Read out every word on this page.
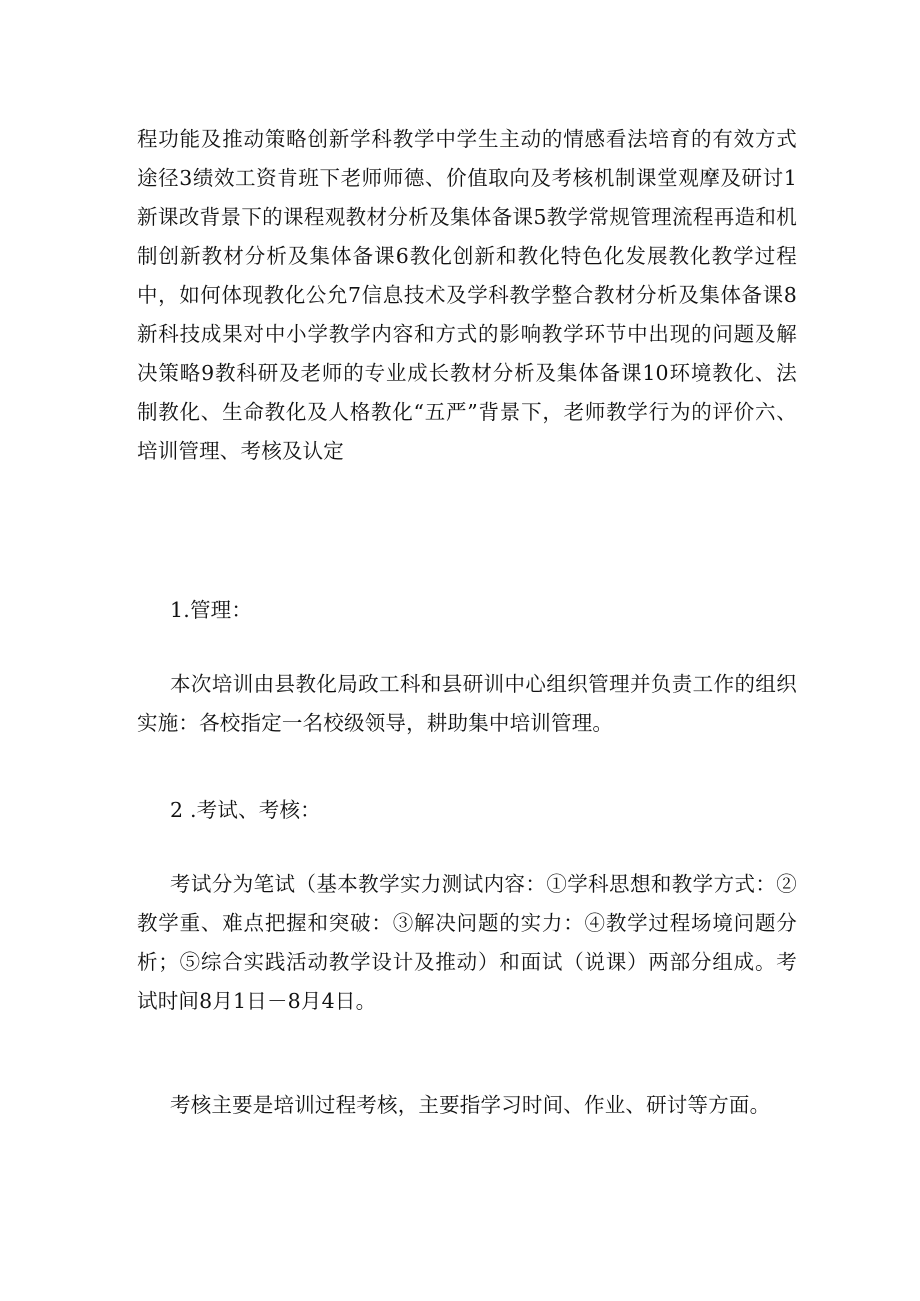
程功能及推动策略创新学科教学中学生主动的情感看法培育的有效方式途径3绩效工资肯班下老师师德、价值取向及考核机制课堂观摩及研讨1新课改背景下的课程观教材分析及集体备课5教学常规管理流程再造和机制创新教材分析及集体备课6教化创新和教化特色化发展教化教学过程中，如何体现教化公允7信息技术及学科教学整合教材分析及集体备课8新科技成果对中小学教学内容和方式的影响教学环节中出现的问题及解决策略9教科研及老师的专业成长教材分析及集体备课10环境教化、法制教化、生命教化及人格教化“五严”背景下，老师教学行为的评价六、培训管理、考核及认定

1.管理：

本次培训由县教化局政工科和县研训中心组织管理并负责工作的组织实施：各校指定一名校级领导，耕助集中培训管理。

2 .考试、考核：

考试分为笔试（基本教学实力测试内容：①学科思想和教学方式：②教学重、难点把握和突破：③解决问题的实力：④教学过程场境问题分析；⑤综合实践活动教学设计及推动）和面试（说课）两部分组成。考试时间8月1日－8月4日。

考核主要是培训过程考核，主要指学习时间、作业、研讨等方面。
